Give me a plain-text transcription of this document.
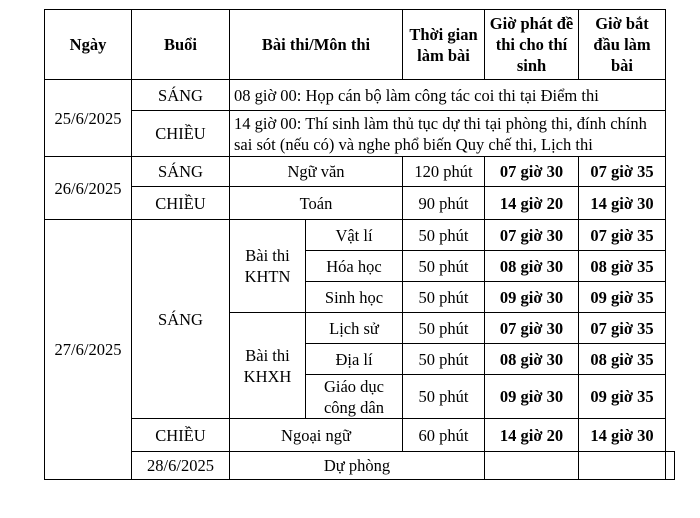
Ngày	Buổi	Bài thi/Môn thi		Thời gian làm bài	Giờ phát đề thi cho thí sinh	Giờ bắt đầu làm bài	
25/6/2025	SÁNG	08 giờ 00: Họp cán bộ làm công tác coi thi tại Điểm thi					
	CHIỀU	14 giờ 00: Thí sinh làm thủ tục dự thi tại phòng thi, đính chính sai sót (nếu có) và nghe phổ biến Quy chế thi, Lịch thi					
26/6/2025	SÁNG	Ngữ văn		120 phút	07 giờ 30	07 giờ 35	
	CHIỀU	Toán		90 phút	14 giờ 20	14 giờ 30	
27/6/2025	SÁNG	Bài thi KHTN	Vật lí	50 phút	07 giờ 30	07 giờ 35	
			Hóa học	50 phút	08 giờ 30	08 giờ 35	
			Sinh học	50 phút	09 giờ 30	09 giờ 35	
		Bài thi KHXH	Lịch sử	50 phút	07 giờ 30	07 giờ 35	
			Địa lí	50 phút	08 giờ 30	08 giờ 35	
			Giáo dục công dân	50 phút	09 giờ 30	09 giờ 35	
	CHIỀU	Ngoại ngữ		60 phút	14 giờ 20	14 giờ 30	
	28/6/2025	Dự phòng					
